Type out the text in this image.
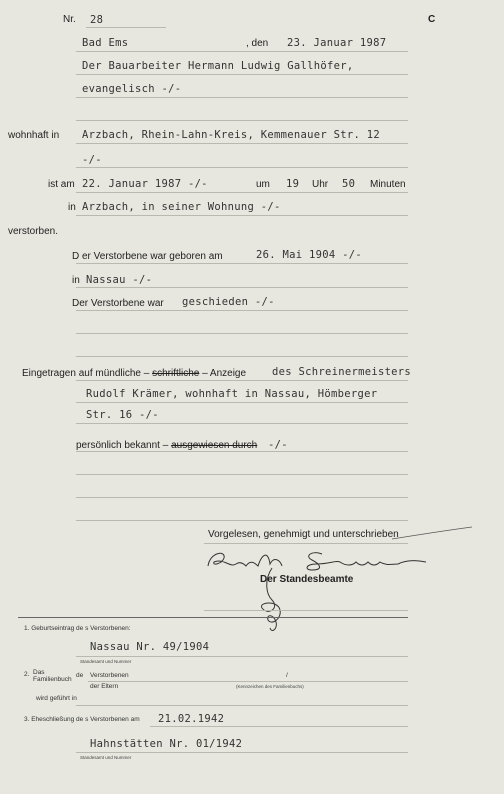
Nr. 28	C
Bad Ems	, den 23. Januar 1987
Der Bauarbeiter Hermann Ludwig Gallhöfer,
evangelisch -/-
wohnhaft in Arzbach, Rhein-Lahn-Kreis, Kemmenauer Str. 12
-/-
ist am 22. Januar 1987 -/-	um 19 Uhr 50 Minuten
in Arzbach, in seiner Wohnung -/-
verstorben.
D er Verstorbene war geboren am	26. Mai 1904 -/-
in Nassau -/-
Der Verstorbene war geschieden -/-
Eingetragen auf mündliche – schriftliche – Anzeige des Schreinermeisters
Rudolf Krämer, wohnhaft in Nassau, Hömberger
Str. 16 -/-
persönlich bekannt – ausgewiesen durch -/-
Vorgelesen, genehmigt und unterschrieben
Der Standesbeamte
1. Geburtseintrag de s Verstorbenen:
Nassau Nr. 49/1904
Standesamt und Nummer
2. Das
Familienbuch
de Verstorbenen	/
der Eltern	(Kennzeichen des Familienbuchs)
wird geführt in
3. Eheschließung de s Verstorbenen am 21.02.1942
Hahnstätten Nr. 01/1942
Standesamt und Nummer
